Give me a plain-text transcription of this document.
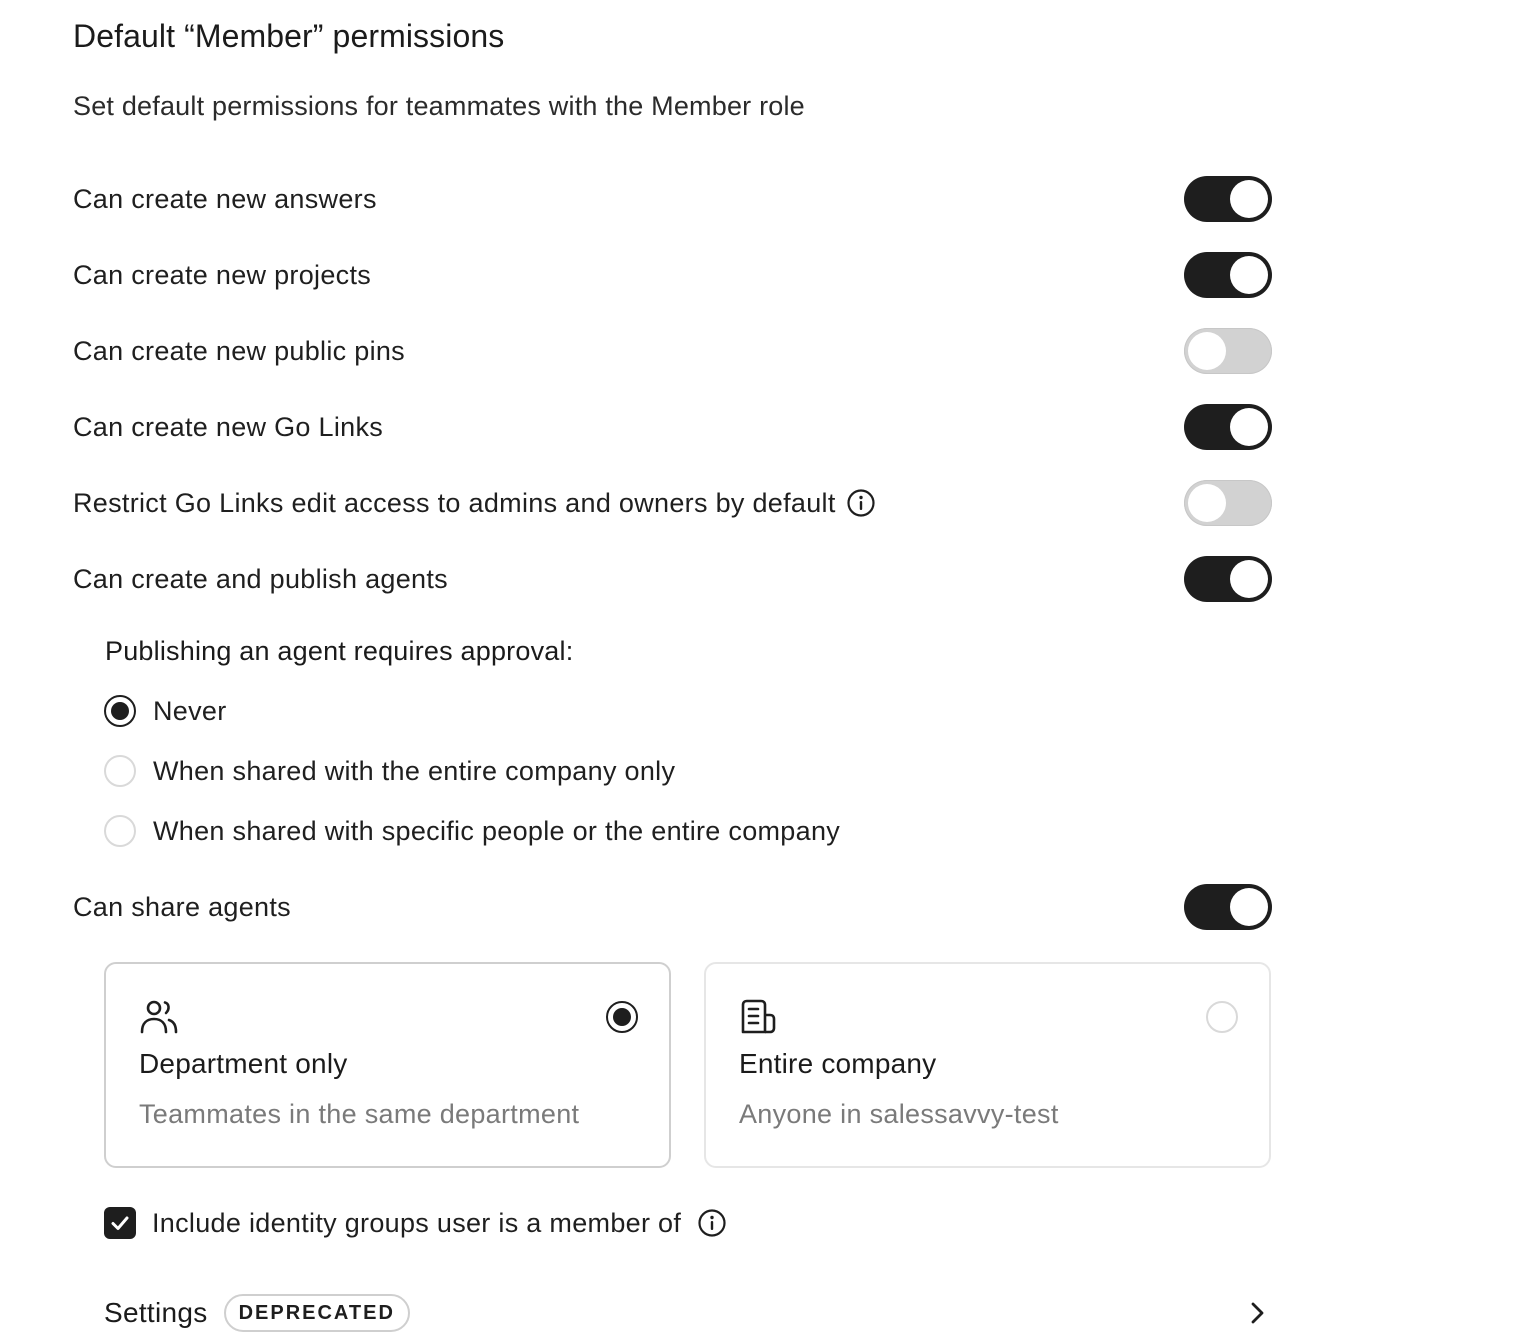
Default “Member” permissions
Set default permissions for teammates with the Member role
Can create new answers
Can create new projects
Can create new public pins
Can create new Go Links
Restrict Go Links edit access to admins and owners by default
Can create and publish agents
Publishing an agent requires approval:
Never
When shared with the entire company only
When shared with specific people or the entire company
Can share agents
Department only
Teammates in the same department
Entire company
Anyone in salessavvy-test
Include identity groups user is a member of
Settings	DEPRECATED
